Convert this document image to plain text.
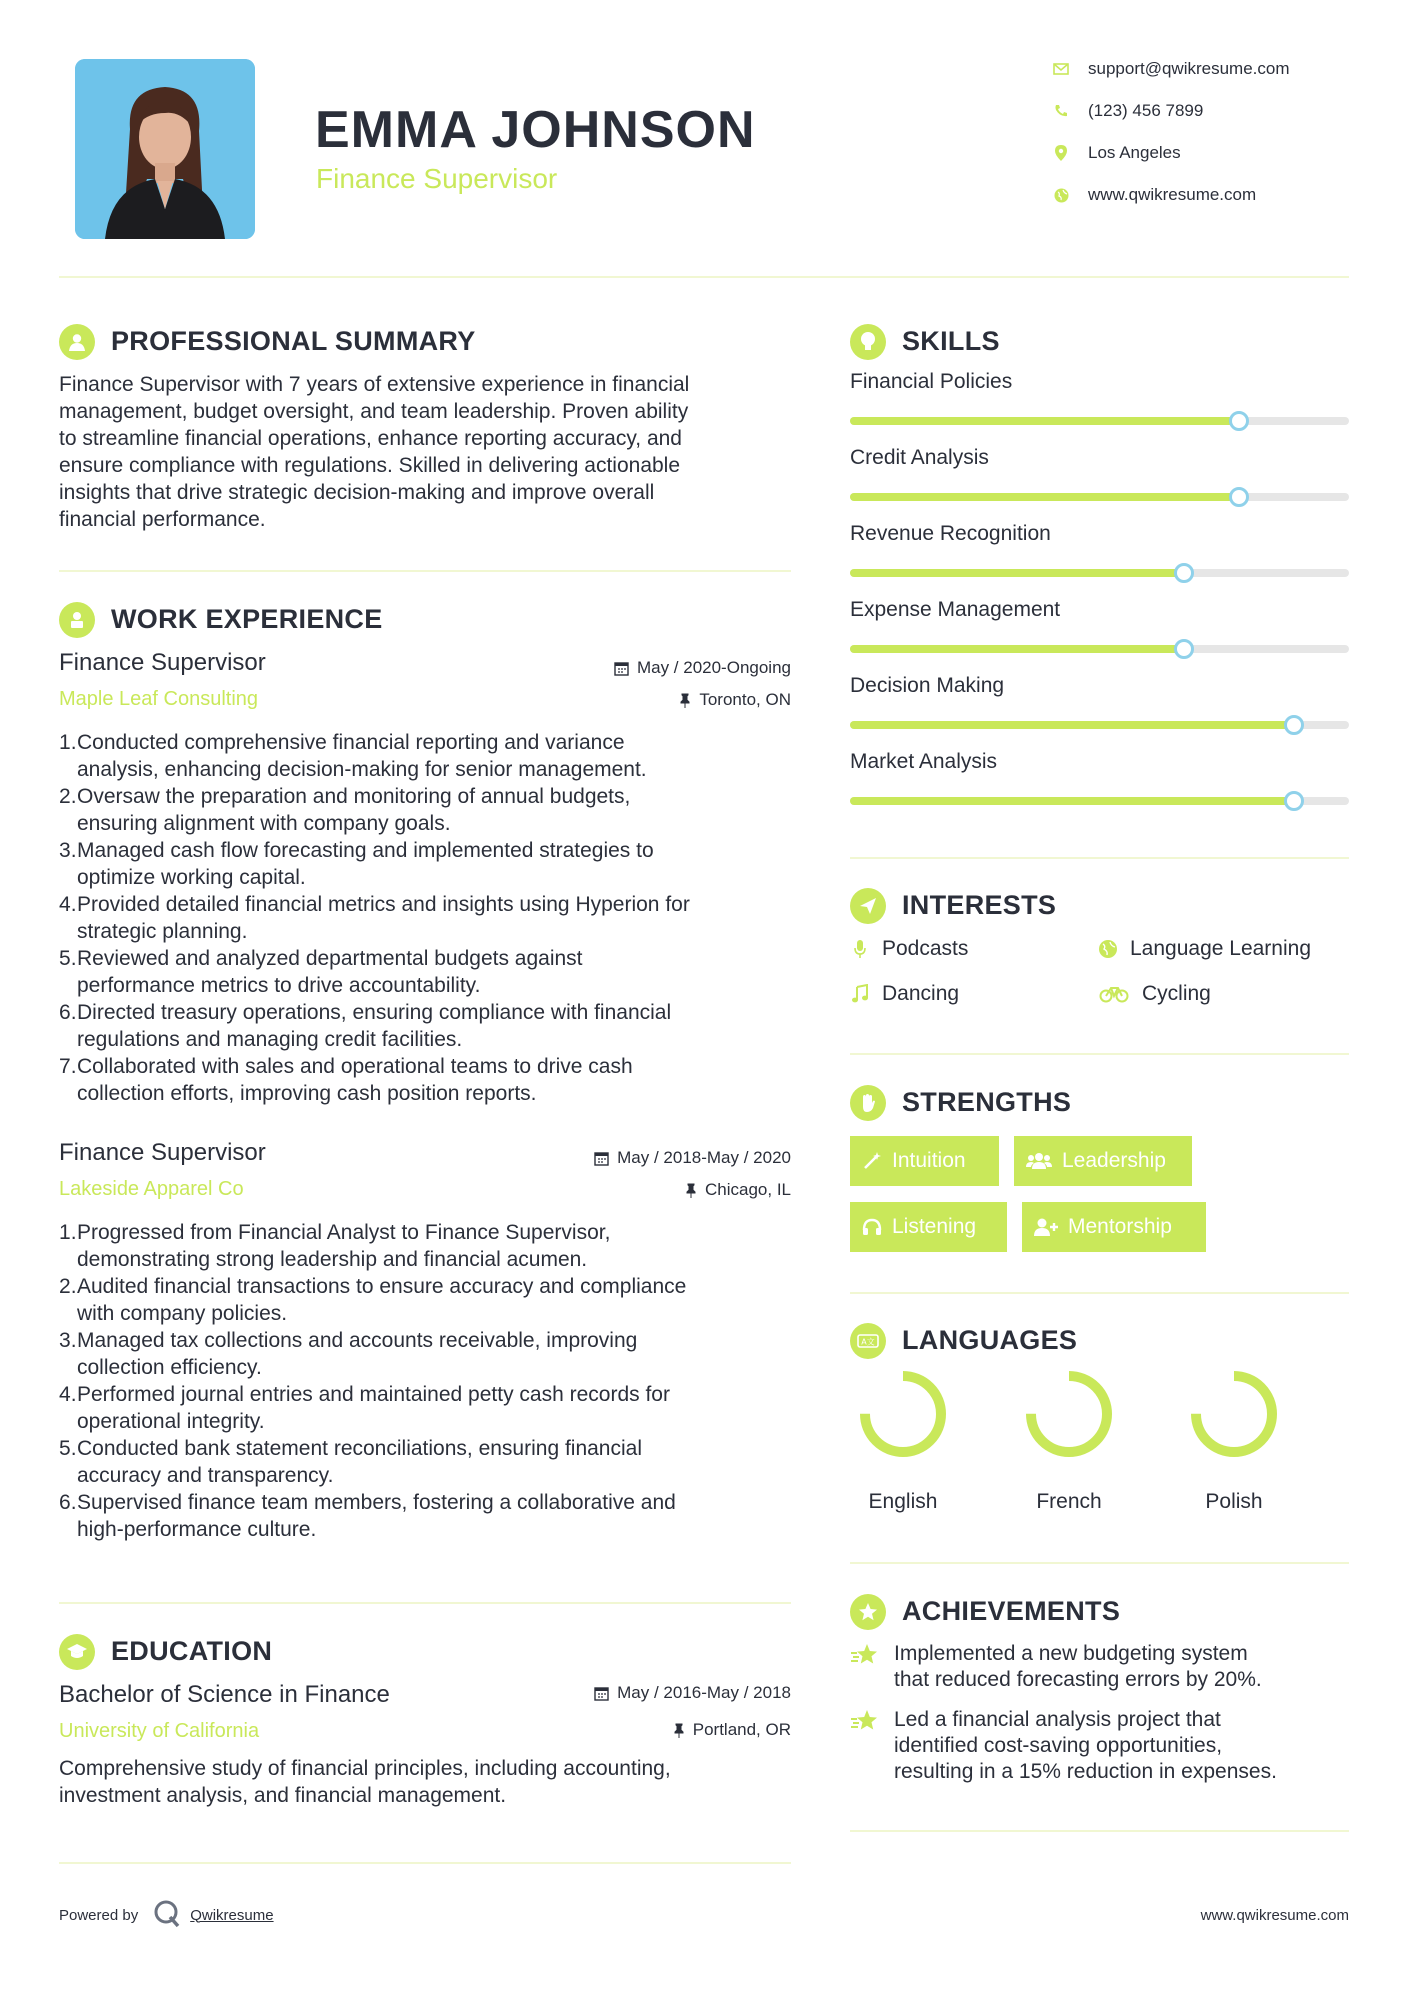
EMMA JOHNSON
Finance Supervisor
support@qwikresume.com
(123) 456 7899
Los Angeles
www.qwikresume.com
PROFESSIONAL SUMMARY
Finance Supervisor with 7 years of extensive experience in financial
management, budget oversight, and team leadership. Proven ability
to streamline financial operations, enhance reporting accuracy, and
ensure compliance with regulations. Skilled in delivering actionable
insights that drive strategic decision-making and improve overall
financial performance.
WORK EXPERIENCE
Finance Supervisor	May / 2020-Ongoing
Maple Leaf Consulting	Toronto, ON
Conducted comprehensive financial reporting and variance
analysis, enhancing decision-making for senior management.
Oversaw the preparation and monitoring of annual budgets,
ensuring alignment with company goals.
Managed cash flow forecasting and implemented strategies to
optimize working capital.
Provided detailed financial metrics and insights using Hyperion for
strategic planning.
Reviewed and analyzed departmental budgets against
performance metrics to drive accountability.
Directed treasury operations, ensuring compliance with financial
regulations and managing credit facilities.
Collaborated with sales and operational teams to drive cash
collection efforts, improving cash position reports.
Finance Supervisor	May / 2018-May / 2020
Lakeside Apparel Co	Chicago, IL
Progressed from Financial Analyst to Finance Supervisor,
demonstrating strong leadership and financial acumen.
Audited financial transactions to ensure accuracy and compliance
with company policies.
Managed tax collections and accounts receivable, improving
collection efficiency.
Performed journal entries and maintained petty cash records for
operational integrity.
Conducted bank statement reconciliations, ensuring financial
accuracy and transparency.
Supervised finance team members, fostering a collaborative and
high-performance culture.
EDUCATION
Bachelor of Science in Finance	May / 2016-May / 2018
University of California	Portland, OR
Comprehensive study of financial principles, including accounting,
investment analysis, and financial management.
SKILLS
Financial Policies
Credit Analysis
Revenue Recognition
Expense Management
Decision Making
Market Analysis
INTERESTS
Podcasts	Language Learning
Dancing	Cycling
STRENGTHS
Intuition	Leadership
Listening	Mentorship
A文 LANGUAGES
English	French	Polish
ACHIEVEMENTS
Implemented a new budgeting system
that reduced forecasting errors by 20%.
Led a financial analysis project that
identified cost-saving opportunities,
resulting in a 15% reduction in expenses.
Powered by	Qwikresume	www.qwikresume.com
